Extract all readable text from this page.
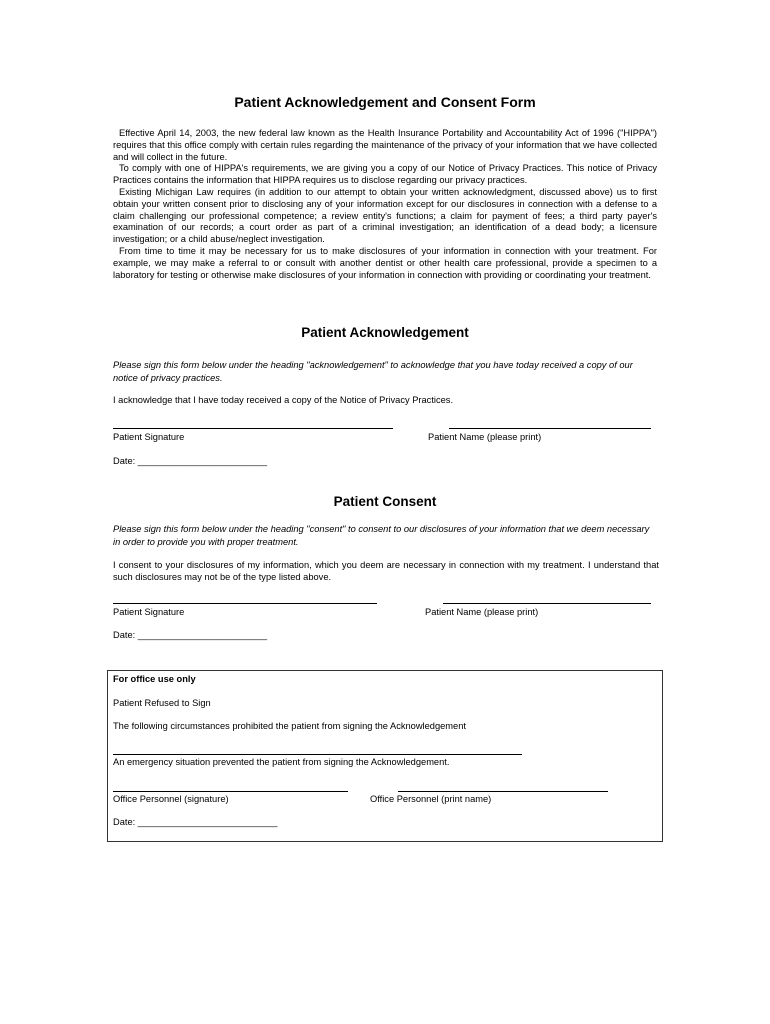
Patient Acknowledgement and Consent Form

Effective April 14, 2003, the new federal law known as the Health Insurance Portability and Accountability Act of 1996 ("HIPPA") requires that this office comply with certain rules regarding the maintenance of the privacy of your information that we have collected and will collect in the future.

To comply with one of HIPPA's requirements, we are giving you a copy of our Notice of Privacy Practices. This notice of Privacy Practices contains the information that HIPPA requires us to disclose regarding our privacy practices.

Existing Michigan Law requires (in addition to our attempt to obtain your written acknowledgment, discussed above) us to first obtain your written consent prior to disclosing any of your information except for our disclosures in connection with a defense to a claim challenging our professional competence; a review entity's functions; a claim for payment of fees; a third party payer's examination of our records; a court order as part of a criminal investigation; an identification of a dead body; a licensure investigation; or a child abuse/neglect investigation.

From time to time it may be necessary for us to make disclosures of your information in connection with your treatment. For example, we may make a referral to or consult with another dentist or other health care professional, provide a specimen to a laboratory for testing or otherwise make disclosures of your information in connection with providing or coordinating your treatment.

Patient Acknowledgement
Please sign this form below under the heading "acknowledgement" to acknowledge that you have today received a copy of our notice of privacy practices.
I acknowledge that I have today received a copy of the Notice of Privacy Practices.
Patient Signature	Patient Name (please print)
Date: _________________________
Patient Consent
Please sign this form below under the heading "consent" to consent to our disclosures of your information that we deem necessary in order to provide you with proper treatment.

I consent to your disclosures of my information, which you deem are necessary in connection with my treatment. I understand that such disclosures may not be of the type listed above.

Patient Signature	Patient Name (please print)
Date: _________________________
For office use only
Patient Refused to Sign
The following circumstances prohibited the patient from signing the Acknowledgement
An emergency situation prevented the patient from signing the Acknowledgement.
Office Personnel (signature)	Office Personnel (print name)
Date: ___________________________
